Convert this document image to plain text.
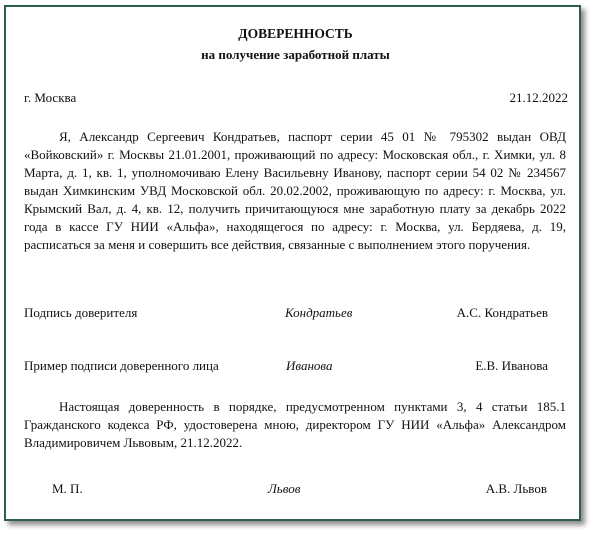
ДОВЕРЕННОСТЬ
на получение заработной платы
г. Москва	21.12.2022
Я, Александр Сергеевич Кондратьев, паспорт серии 45 01 № 795302 выдан ОВД «Войковский» г. Москвы 21.01.2001, проживающий по адресу: Московская обл., г. Химки, ул. 8 Марта, д. 1, кв. 1, уполномочиваю Елену Васильевну Иванову, паспорт серии 54 02 № 234567 выдан Химкинским УВД Московской обл. 20.02.2002, проживающую по адресу: г. Москва, ул. Крымский Вал, д. 4, кв. 12, получить причитающуюся мне заработную плату за декабрь 2022 года в кассе ГУ НИИ «Альфа», находящегося по адресу: г. Москва, ул. Бердяева, д. 19, расписаться за меня и совершить все действия, связанные с выполнением этого поручения.
Подпись доверителя	Кондратьев	А.С. Кондратьев
Пример подписи доверенного лица	Иванова	Е.В. Иванова
Настоящая доверенность в порядке, предусмотренном пунктами 3, 4 статьи 185.1 Гражданского кодекса РФ, удостоверена мною, директором ГУ НИИ «Альфа» Александром Владимировичем Львовым, 21.12.2022.
М. П.	Львов	А.В. Львов
